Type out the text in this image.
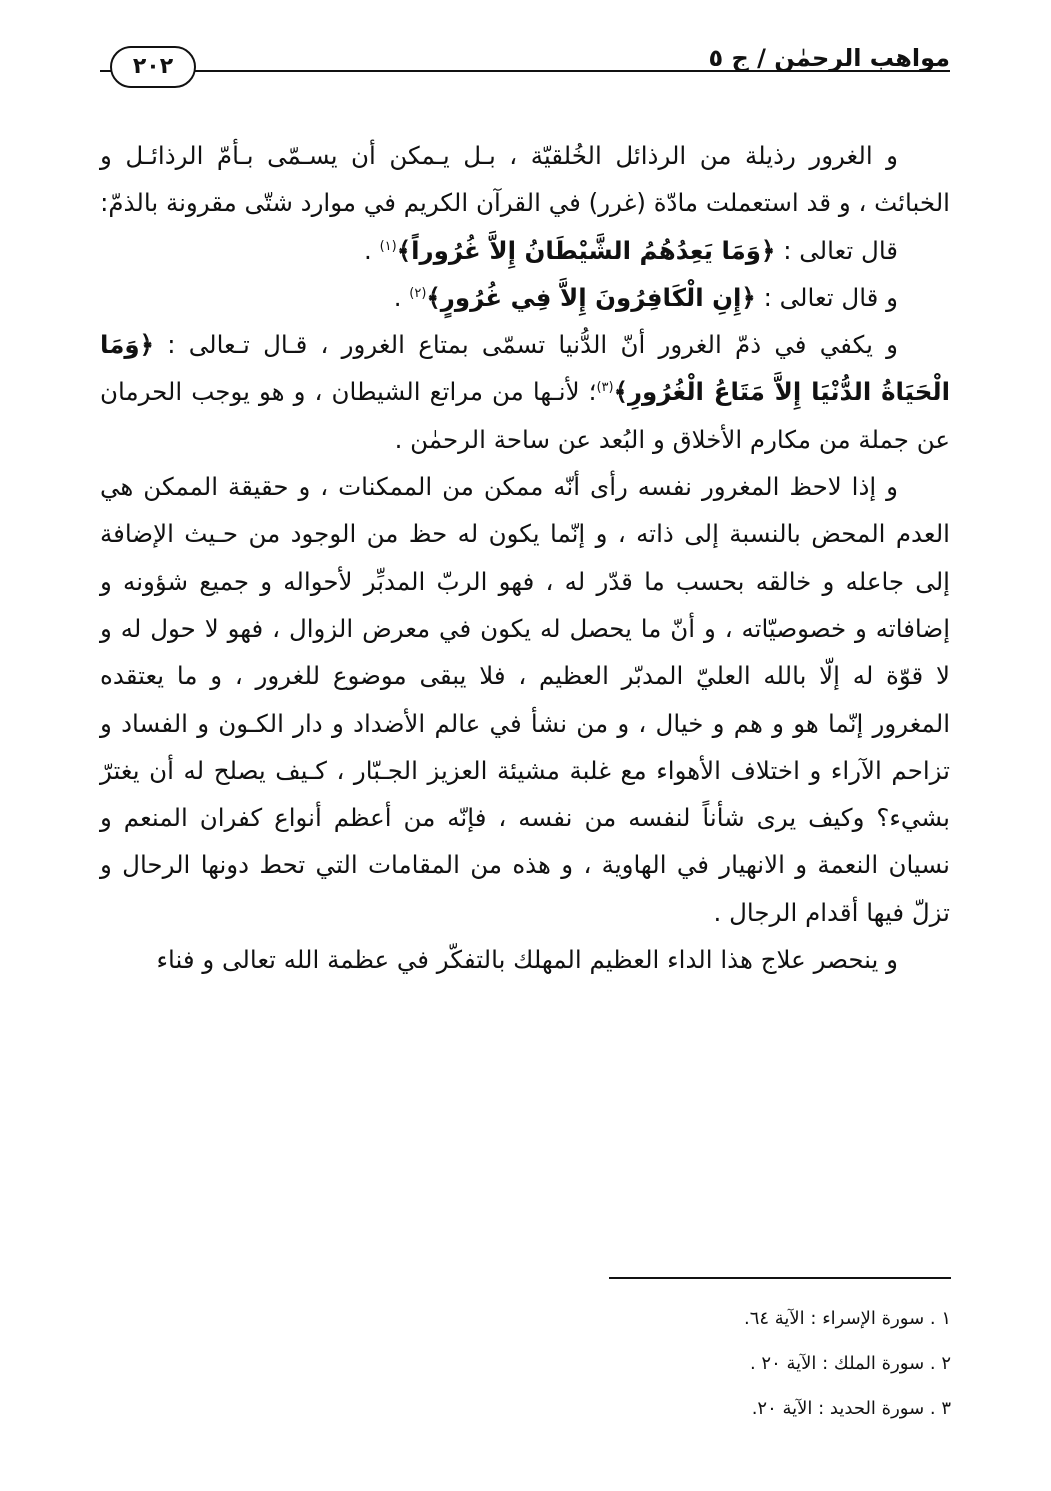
مواهب الرحمٰن / ج ٥
٢٠٢

و الغرور رذيلة من الرذائل الخُلقيّة ، بـل يـمكن أن يسـمّى بـأمّ الرذائـل و الخبائث ، و قد استعملت مادّة (غرر) في القرآن الكريم في موارد شتّى مقرونة بالذمّ:

قال تعالى : ﴿وَمَا يَعِدُهُمُ الشَّيْطَانُ إِلاَّ غُرُوراً﴾$^{(١)}$ .

و قال تعالى : ﴿إِنِ الْكَافِرُونَ إِلاَّ فِي غُرُورٍ﴾$^{(٢)}$ .

و يكفي في ذمّ الغرور أنّ الدُّنيا تسمّى بمتاع الغرور ، قـال تـعالى : ﴿وَمَا الْحَيَاةُ الدُّنْيَا إِلاَّ مَتَاعُ الْغُرُورِ﴾$^{(٣)}$؛ لأنـها من مراتع الشيطان ، و هو يوجب الحرمان عن جملة من مكارم الأخلاق و البُعد عن ساحة الرحمٰن .

و إذا لاحظ المغرور نفسه رأى أنّه ممكن من الممكنات ، و حقيقة الممكن هي العدم المحض بالنسبة إلى ذاته ، و إنّما يكون له حظ من الوجود من حـيث الإضافة إلى جاعله و خالقه بحسب ما قدّر له ، فهو الربّ المدبِّر لأحواله و جميع شؤونه و إضافاته و خصوصيّاته ، و أنّ ما يحصل له يكون في معرض الزوال ، فهو لا حول له و لا قوّة له إلّا بالله العليّ المدبّر العظيم ، فلا يبقى موضوع للغرور ، و ما يعتقده المغرور إنّما هو و هم و خيال ، و من نشأ في عالم الأضداد و دار الكـون و الفساد و تزاحم الآراء و اختلاف الأهواء مع غلبة مشيئة العزيز الجـبّار ، كـيف يصلح له أن يغترّ بشيء؟ وكيف يرى شأناً لنفسه من نفسه ، فإنّه من أعظم أنواع كفران المنعم و نسيان النعمة و الانهيار في الهاوية ، و هذه من المقامات التي تحط دونها الرحال و تزلّ فيها أقدام الرجال .

و ينحصر علاج هذا الداء العظيم المهلك بالتفكّر في عظمة الله تعالى و فناء

١ . سورة الإسراء : الآية ٦٤.
٢ . سورة الملك : الآية ٢٠ .
٣ . سورة الحديد : الآية ٢٠.
